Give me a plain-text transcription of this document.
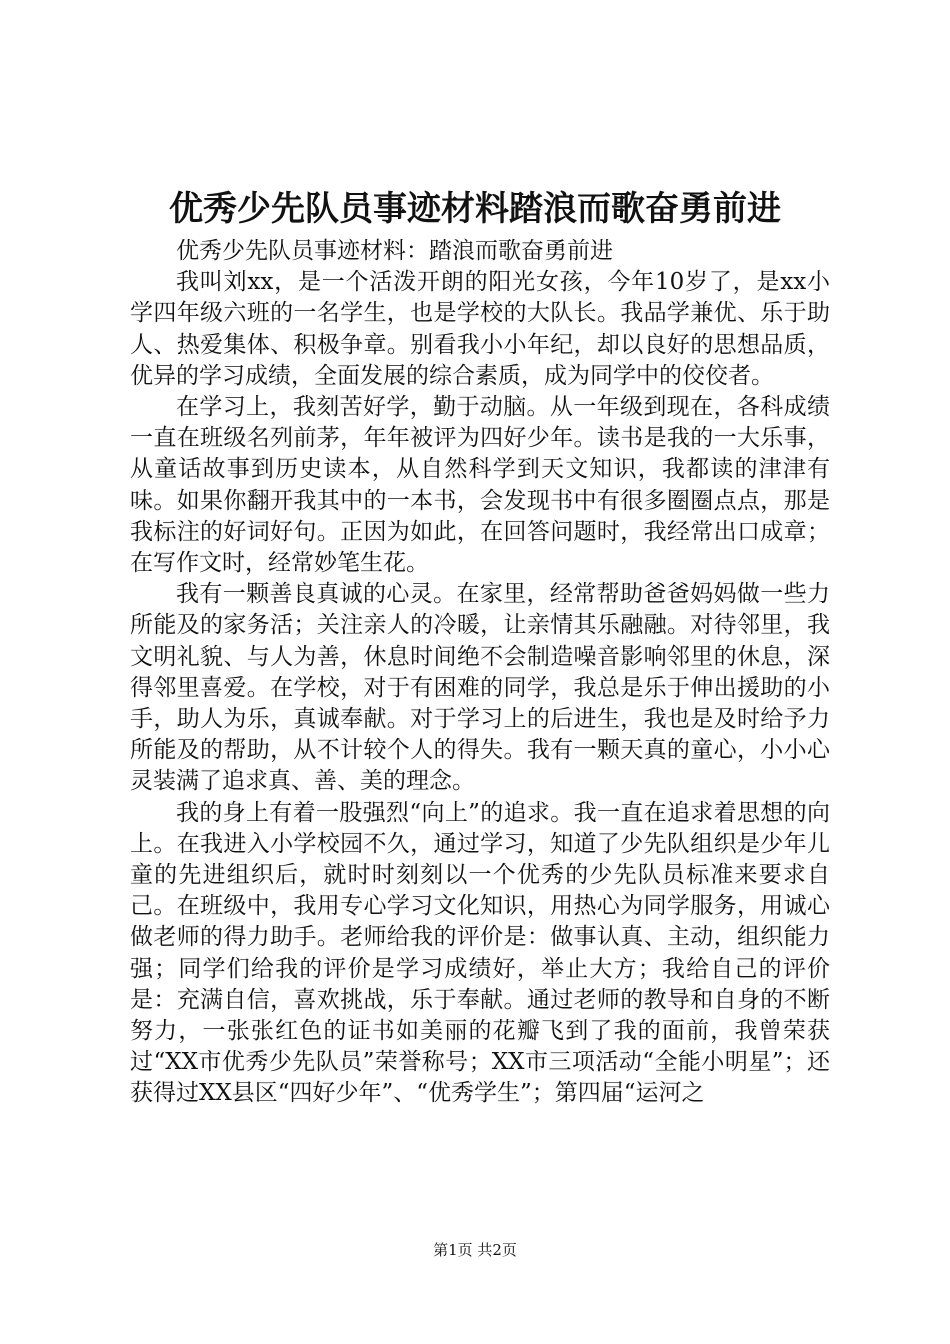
优秀少先队员事迹材料踏浪而歌奋勇前进

优秀少先队员事迹材料：踏浪而歌奋勇前进

我叫刘xx，是一个活泼开朗的阳光女孩，今年10岁了，是xx小学四年级六班的一名学生，也是学校的大队长。我品学兼优、乐于助人、热爱集体、积极争章。别看我小小年纪，却以良好的思想品质，优异的学习成绩，全面发展的综合素质，成为同学中的佼佼者。

在学习上，我刻苦好学，勤于动脑。从一年级到现在，各科成绩一直在班级名列前茅，年年被评为四好少年。读书是我的一大乐事，从童话故事到历史读本，从自然科学到天文知识，我都读的津津有味。如果你翻开我其中的一本书，会发现书中有很多圈圈点点，那是我标注的好词好句。正因为如此，在回答问题时，我经常出口成章；在写作文时，经常妙笔生花。

我有一颗善良真诚的心灵。在家里，经常帮助爸爸妈妈做一些力所能及的家务活；关注亲人的冷暖，让亲情其乐融融。对待邻里，我文明礼貌、与人为善，休息时间绝不会制造噪音影响邻里的休息，深得邻里喜爱。在学校，对于有困难的同学，我总是乐于伸出援助的小手，助人为乐，真诚奉献。对于学习上的后进生，我也是及时给予力所能及的帮助，从不计较个人的得失。我有一颗天真的童心，小小心灵装满了追求真、善、美的理念。

我的身上有着一股强烈“向上”的追求。我一直在追求着思想的向上。在我进入小学校园不久，通过学习，知道了少先队组织是少年儿童的先进组织后，就时时刻刻以一个优秀的少先队员标准来要求自己。在班级中，我用专心学习文化知识，用热心为同学服务，用诚心做老师的得力助手。老师给我的评价是：做事认真、主动，组织能力强；同学们给我的评价是学习成绩好，举止大方；我给自己的评价是：充满自信，喜欢挑战，乐于奉献。通过老师的教导和自身的不断努力，一张张红色的证书如美丽的花瓣飞到了我的面前，我曾荣获过“XX市优秀少先队员”荣誉称号；XX市三项活动“全能小明星”；还获得过XX县区“四好少年”、“优秀学生”；第四届“运河之

第1页 共2页
